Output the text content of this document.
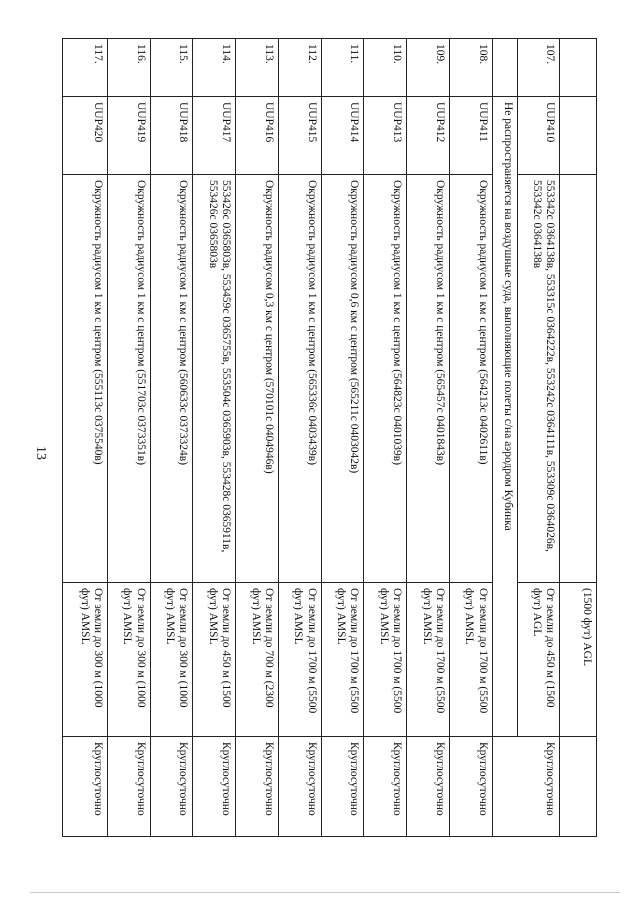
13
			(1500 фут) AGL	
107.	UUP410	553342c 0364138в, 553315c 0364222в, 553242c 0364111в, 553309c 0364026в, 553342c 0364138в	От земли до 450 м (1500 фут) AGL	Круглосуточно
	Не распространяется на воздушные суда, выполняющие полеты с/на аэродром Кубинка			
108.	UUP411	Окружность радиусом 1 км с центром (564213c 0402611в)	От земли до 1700 м (5500 фут) AMSL	Круглосуточно
109.	UUP412	Окружность радиусом 1 км с центром (565457c 0401843в)	От земли до 1700 м (5500 фут) AMSL	Круглосуточно
110.	UUP413	Окружность радиусом 1 км с центром (564823c 0401039в)	От земли до 1700 м (5500 фут) AMSL	Круглосуточно
111.	UUP414	Окружность радиусом 0,6 км с центром (565211c 0403042в)	От земли до 1700 м (5500 фут) AMSL	Круглосуточно
112.	UUP415	Окружность радиусом 1 км с центром (565336c 0403439в)	От земли до 1700 м (5500 фут) AMSL	Круглосуточно
113.	UUP416	Окружность радиусом 0,3 км с центром (570101c 0404946в)	От земли до 700 м (2300 фут) AMSL	Круглосуточно
114.	UUP417	553426c 0365803в, 553459c 0365755в, 553504c 0365903в, 553428c 0365911в, 553426c 0365803в	От земли до 450 м (1500 фут) AMSL	Круглосуточно
115.	UUP418	Окружность радиусом 1 км с центром (560633c 0373324в)	От земли до 300 м (1000 фут) AMSL	Круглосуточно
116.	UUP419	Окружность радиусом 1 км с центром (551703c 0373351в)	От земли до 300 м (1000 фут) AMSL	Круглосуточно
117.	UUP420	Окружность радиусом 1 км с центром (555113c 0375540в)	От земли до 300 м (1000 фут) AMSL	Круглосуточно
